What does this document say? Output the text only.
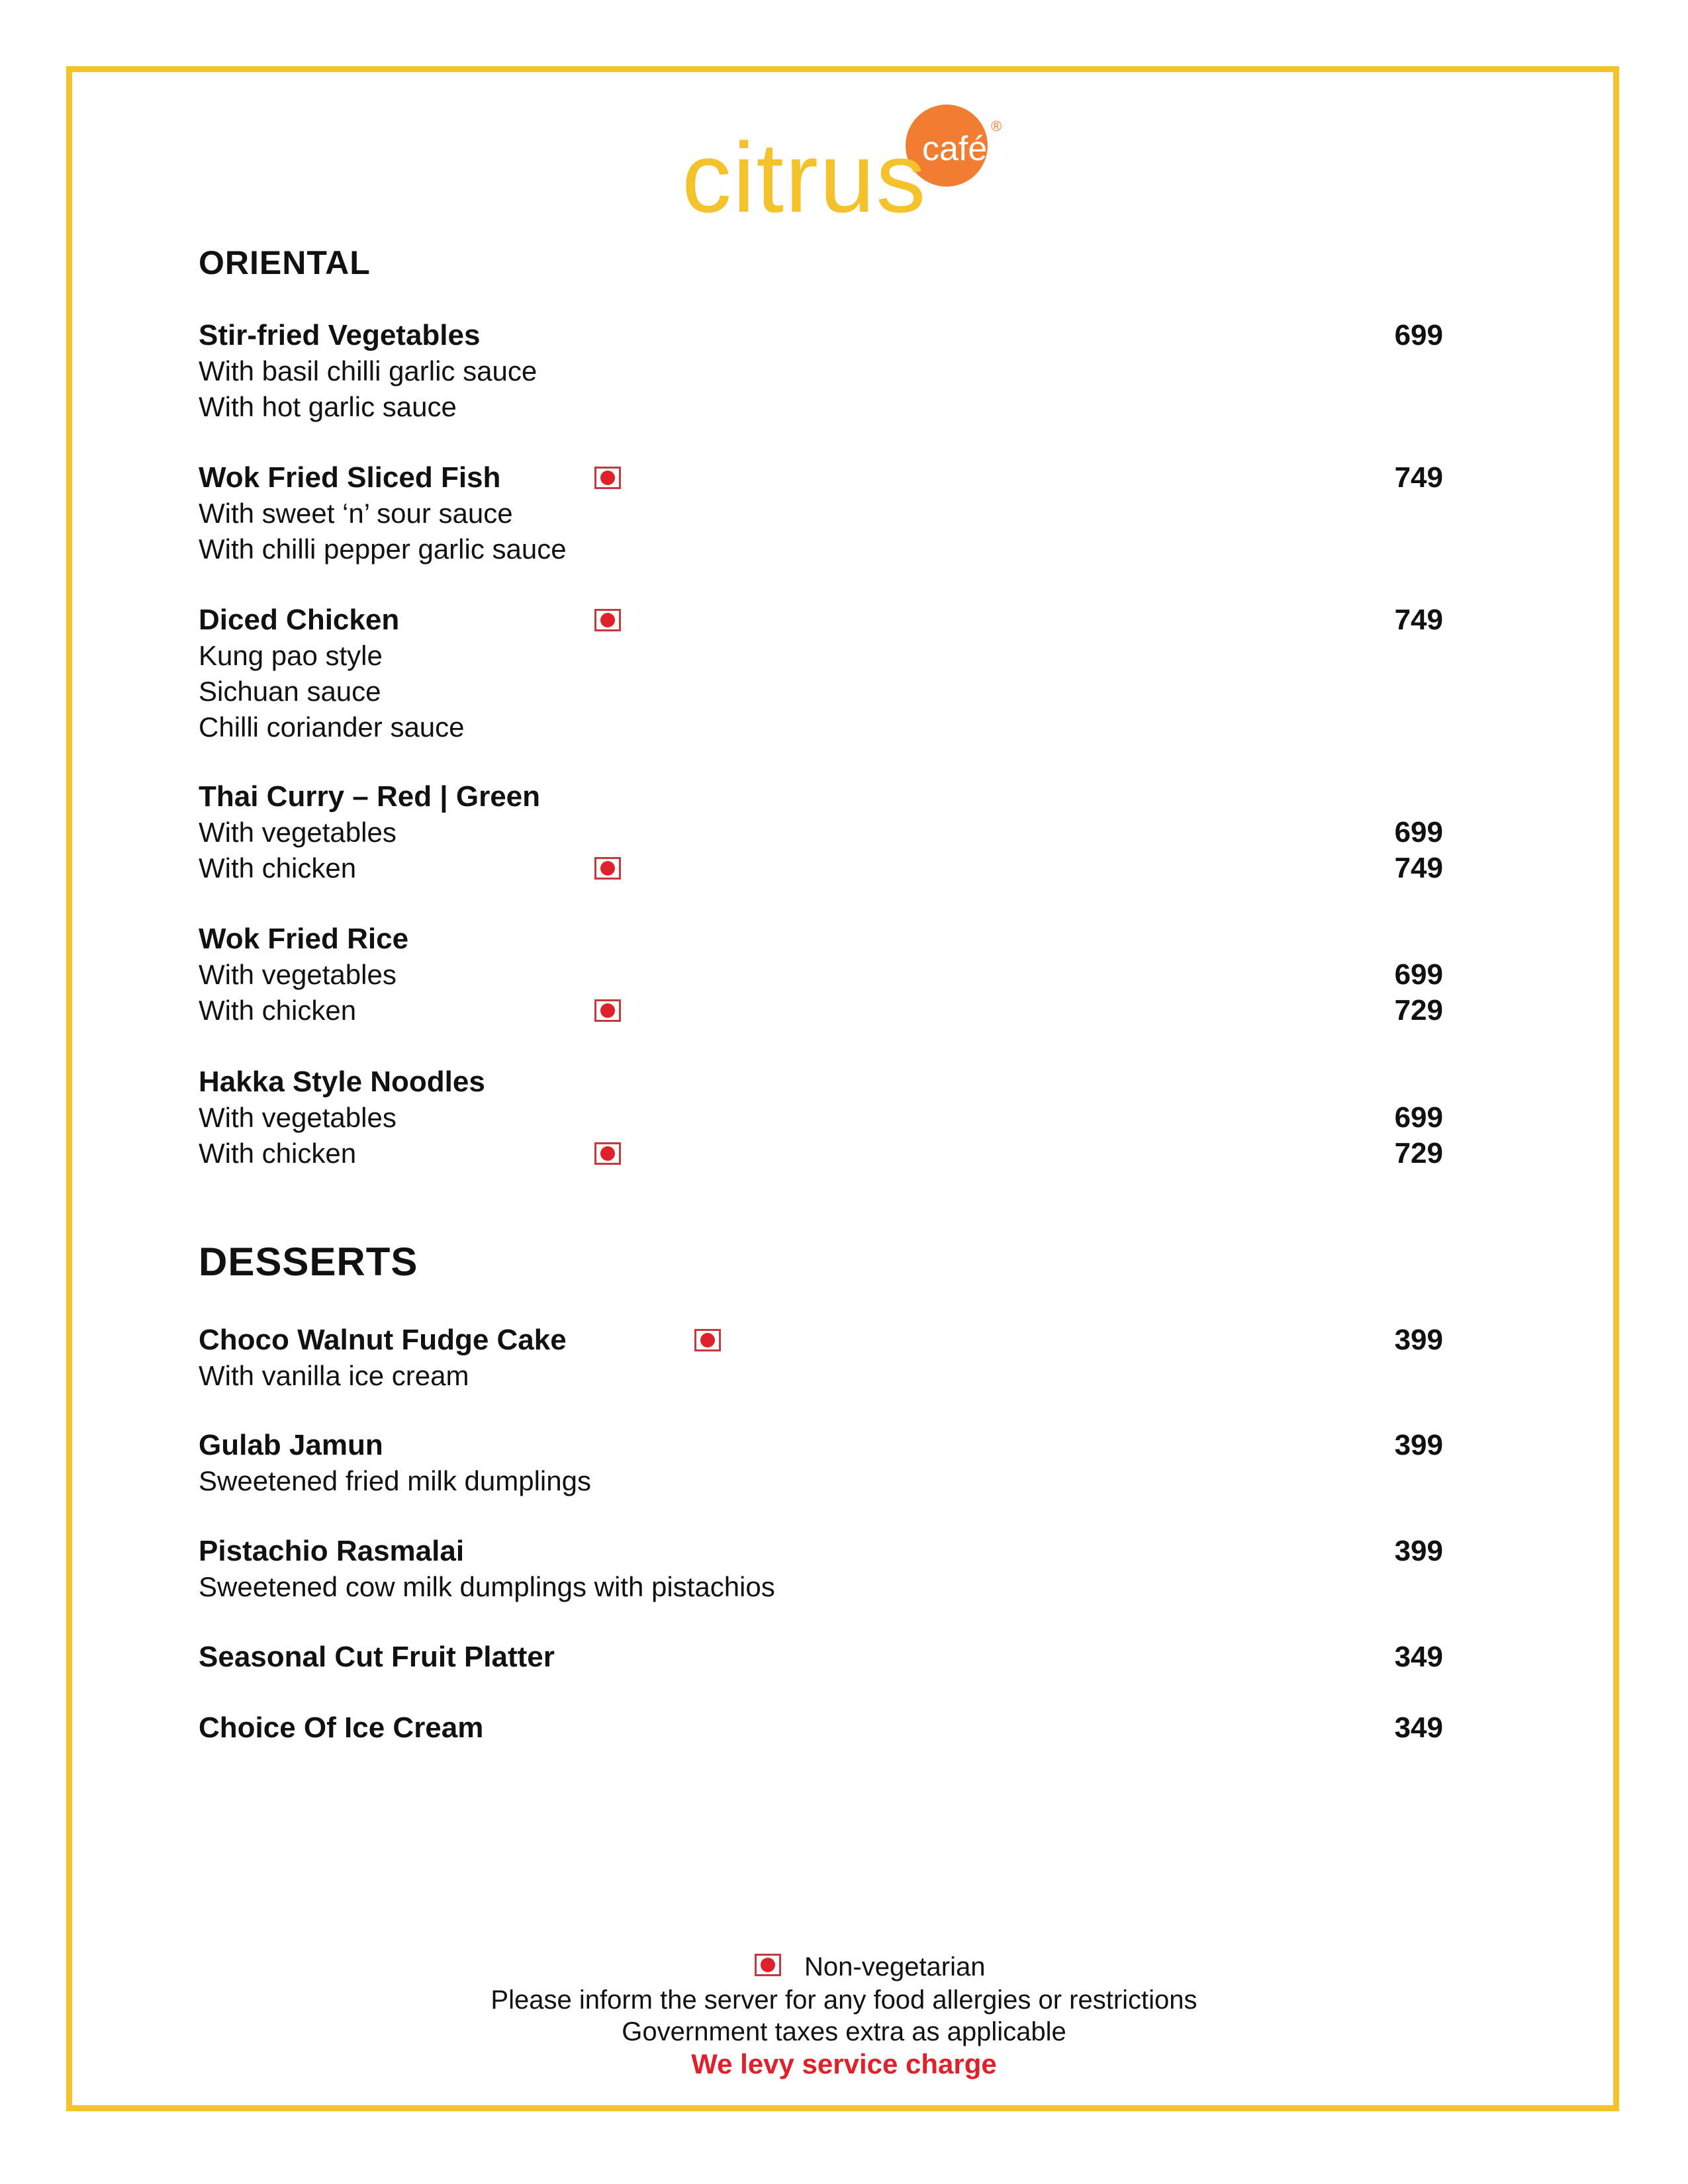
café
®
citrus
ORIENTAL
Stir-fried Vegetables	699
With basil chilli garlic sauce
With hot garlic sauce
Wok Fried Sliced Fish	749
With sweet ‘n’ sour sauce
With chilli pepper garlic sauce
Diced Chicken	749
Kung pao style
Sichuan sauce
Chilli coriander sauce
Thai Curry – Red | Green
With vegetables	699
With chicken	749
Wok Fried Rice
With vegetables	699
With chicken	729
Hakka Style Noodles
With vegetables	699
With chicken	729
DESSERTS
Choco Walnut Fudge Cake	399
With vanilla ice cream
Gulab Jamun	399
Sweetened fried milk dumplings
Pistachio Rasmalai	399
Sweetened cow milk dumplings with pistachios
Seasonal Cut Fruit Platter	349
Choice Of Ice Cream	349
Non-vegetarian
Please inform the server for any food allergies or restrictions
Government taxes extra as applicable
We levy service charge
